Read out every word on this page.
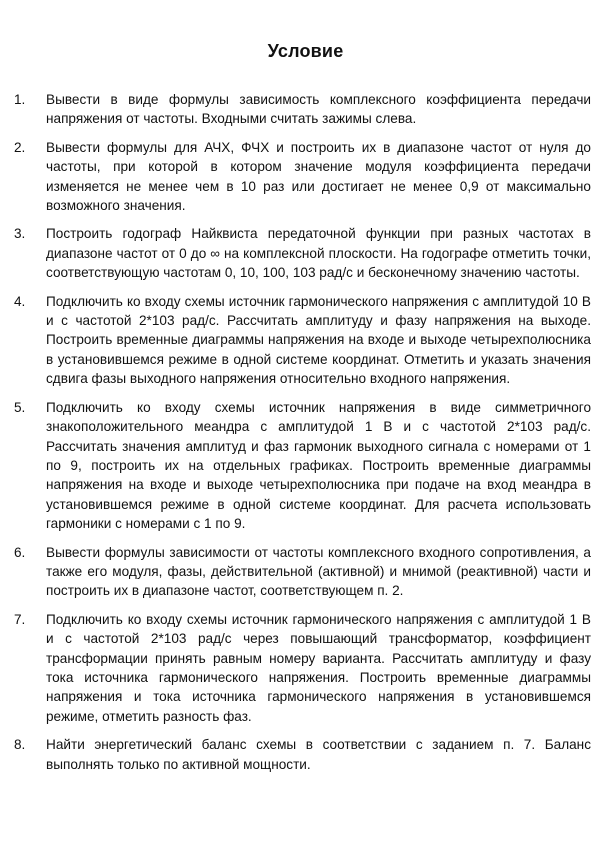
Условие
1. Вывести в виде формулы зависимость комплексного коэффициента передачи напряжения от частоты. Входными считать зажимы слева.
2. Вывести формулы для АЧХ, ФЧХ и построить их в диапазоне частот от нуля до частоты, при которой в котором значение модуля коэффициента передачи изменяется не менее чем в 10 раз или достигает не менее 0,9 от максимально возможного значения.
3. Построить годограф Найквиста передаточной функции при разных частотах в диапазоне частот от 0 до ∞ на комплексной плоскости. На годографе отметить точки, соответствующую частотам 0, 10, 100, 103 рад/с и бесконечному значению частоты.
4. Подключить ко входу схемы источник гармонического напряжения с амплитудой 10 В и с частотой 2*103 рад/с. Рассчитать амплитуду и фазу напряжения на выходе. Построить временные диаграммы напряжения на входе и выходе четырехполюсника в установившемся режиме в одной системе координат. Отметить и указать значения сдвига фазы выходного напряжения относительно входного напряжения.
5. Подключить ко входу схемы источник напряжения в виде симметричного знакоположительного меандра с амплитудой 1 В и с частотой 2*103 рад/с. Рассчитать значения амплитуд и фаз гармоник выходного сигнала с номерами от 1 по 9, построить их на отдельных графиках. Построить временные диаграммы напряжения на входе и выходе четырехполюсника при подаче на вход меандра в установившемся режиме в одной системе координат. Для расчета использовать гармоники с номерами с 1 по 9.
6. Вывести формулы зависимости от частоты комплексного входного сопротивления, а также его модуля, фазы, действительной (активной) и мнимой (реактивной) части и построить их в диапазоне частот, соответствующем п. 2.
7. Подключить ко входу схемы источник гармонического напряжения с амплитудой 1 В и с частотой 2*103 рад/с через повышающий трансформатор, коэффициент трансформации принять равным номеру варианта. Рассчитать амплитуду и фазу тока источника гармонического напряжения. Построить временные диаграммы напряжения и тока источника гармонического напряжения в установившемся режиме, отметить разность фаз.
8. Найти энергетический баланс схемы в соответствии с заданием п. 7. Баланс выполнять только по активной мощности.
